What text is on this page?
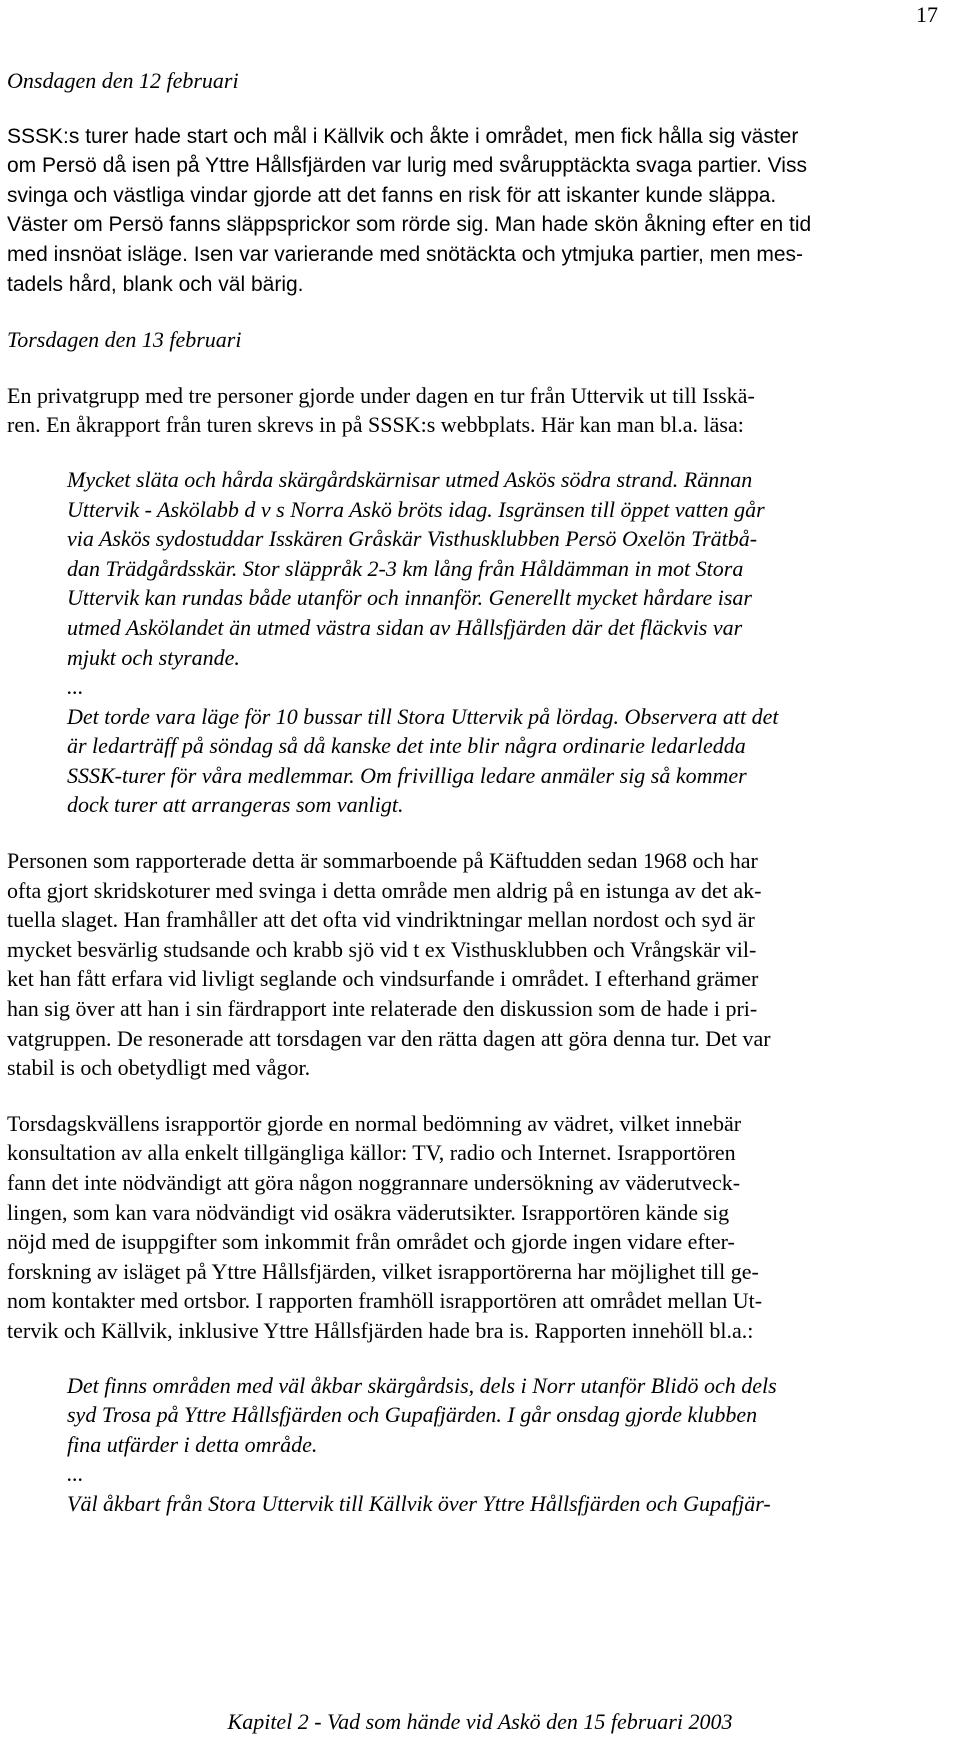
17
Onsdagen den 12 februari
SSSK:s turer hade start och mål i Källvik och åkte i området, men fick hålla sig väster
om Persö då isen på Yttre Hållsfjärden var lurig med svårupptäckta svaga partier. Viss
svinga och västliga vindar gjorde att det fanns en risk för att iskanter kunde släppa.
Väster om Persö fanns släppsprickor som rörde sig. Man hade skön åkning efter en tid
med insnöat isläge. Isen var varierande med snötäckta och ytmjuka partier, men mes-
tadels hård, blank och väl bärig.
Torsdagen den 13 februari
En privatgrupp med tre personer gjorde under dagen en tur från Uttervik ut till Isskä-
ren. En åkrapport från turen skrevs in på SSSK:s webbplats. Här kan man bl.a. läsa:
Mycket släta och hårda skärgårdskärnisar utmed Askös södra strand. Rännan
Uttervik - Askölabb d v s Norra Askö bröts idag. Isgränsen till öppet vatten går
via Askös sydostuddar Isskären Gråskär Visthusklubben Persö Oxelön Trätbå-
dan Trädgårdsskär. Stor släppråk 2-3 km lång från Håldämman in mot Stora
Uttervik kan rundas både utanför och innanför. Generellt mycket hårdare isar
utmed Askölandet än utmed västra sidan av Hållsfjärden där det fläckvis var
mjukt och styrande.
...
Det torde vara läge för 10 bussar till Stora Uttervik på lördag. Observera att det
är ledarträff på söndag så då kanske det inte blir några ordinarie ledarledda
SSSK-turer för våra medlemmar. Om frivilliga ledare anmäler sig så kommer
dock turer att arrangeras som vanligt.
Personen som rapporterade detta är sommarboende på Käftudden sedan 1968 och har
ofta gjort skridskoturer med svinga i detta område men aldrig på en istunga av det ak-
tuella slaget. Han framhåller att det ofta vid vindriktningar mellan nordost och syd är
mycket besvärlig studsande och krabb sjö vid t ex Visthusklubben och Vrångskär vil-
ket han fått erfara vid livligt seglande och vindsurfande i området. I efterhand grämer
han sig över att han i sin färdrapport inte relaterade den diskussion som de hade i pri-
vatgruppen. De resonerade att torsdagen var den rätta dagen att göra denna tur. Det var
stabil is och obetydligt med vågor.
Torsdagskvällens israpportör gjorde en normal bedömning av vädret, vilket innebär
konsultation av alla enkelt tillgängliga källor: TV, radio och Internet. Israpportören
fann det inte nödvändigt att göra någon noggrannare undersökning av väderutveck-
lingen, som kan vara nödvändigt vid osäkra väderutsikter. Israpportören kände sig
nöjd med de isuppgifter som inkommit från området och gjorde ingen vidare efter-
forskning av isläget på Yttre Hållsfjärden, vilket israpportörerna har möjlighet till ge-
nom kontakter med ortsbor. I rapporten framhöll israpportören att området mellan Ut-
tervik och Källvik, inklusive Yttre Hållsfjärden hade bra is. Rapporten innehöll bl.a.:
Det finns områden med väl åkbar skärgårdsis, dels i Norr utanför Blidö och dels
syd Trosa på Yttre Hållsfjärden och Gupafjärden. I går onsdag gjorde klubben
fina utfärder i detta område.
...
Väl åkbart från Stora Uttervik till Källvik över Yttre Hållsfjärden och Gupafjär-
Kapitel 2 - Vad som hände vid Askö den 15 februari 2003
